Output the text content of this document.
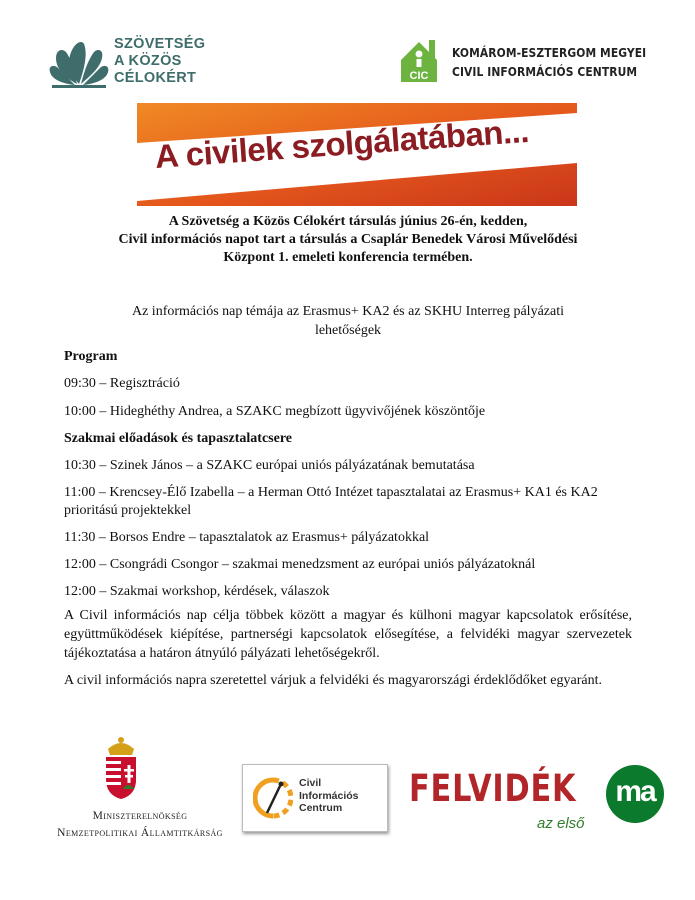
SZÖVETSÉG
A KÖZÖS
CÉLOKÉRT	CIC
KOMÁROM-ESZTERGOM MEGYEI
CIVIL INFORMÁCIÓS CENTRUM
A civilek szolgálatában...
A Szövetség a Közös Célokért társulás június 26-én, kedden,
Civil információs napot tart a társulás a Csaplár Benedek Városi Művelődési
Központ 1. emeleti konferencia termében.
Az információs nap témája az Erasmus+ KA2 és az SKHU Interreg pályázati
lehetőségek
Program
09:30 – Regisztráció
10:00 – Hideghéthy Andrea, a SZAKC megbízott ügyvivőjének köszöntője
Szakmai előadások és tapasztalatcsere
10:30 – Szinek János – a SZAKC európai uniós pályázatának bemutatása
11:00 – Krencsey-Élő Izabella – a Herman Ottó Intézet tapasztalatai az Erasmus+ KA1 és KA2 prioritású projektekkel
11:30 – Borsos Endre – tapasztalatok az Erasmus+ pályázatokkal
12:00 – Csongrádi Csongor – szakmai menedzsment az európai uniós pályázatoknál
12:00 – Szakmai workshop, kérdések, válaszok
A Civil információs nap célja többek között a magyar és külhoni magyar kapcsolatok erősítése, együttműködések kiépítése, partnerségi kapcsolatok elősegítése, a felvidéki magyar szervezetek tájékoztatása a határon átnyúló pályázati lehetőségekről.
A civil információs napra szeretettel várjuk a felvidéki és magyarországi érdeklődőket egyaránt.
Miniszterelnökség
Nemzetpolitikai Államtitkárság
Civil
Információs
Centrum	FELVIDÉK
az első
ma
